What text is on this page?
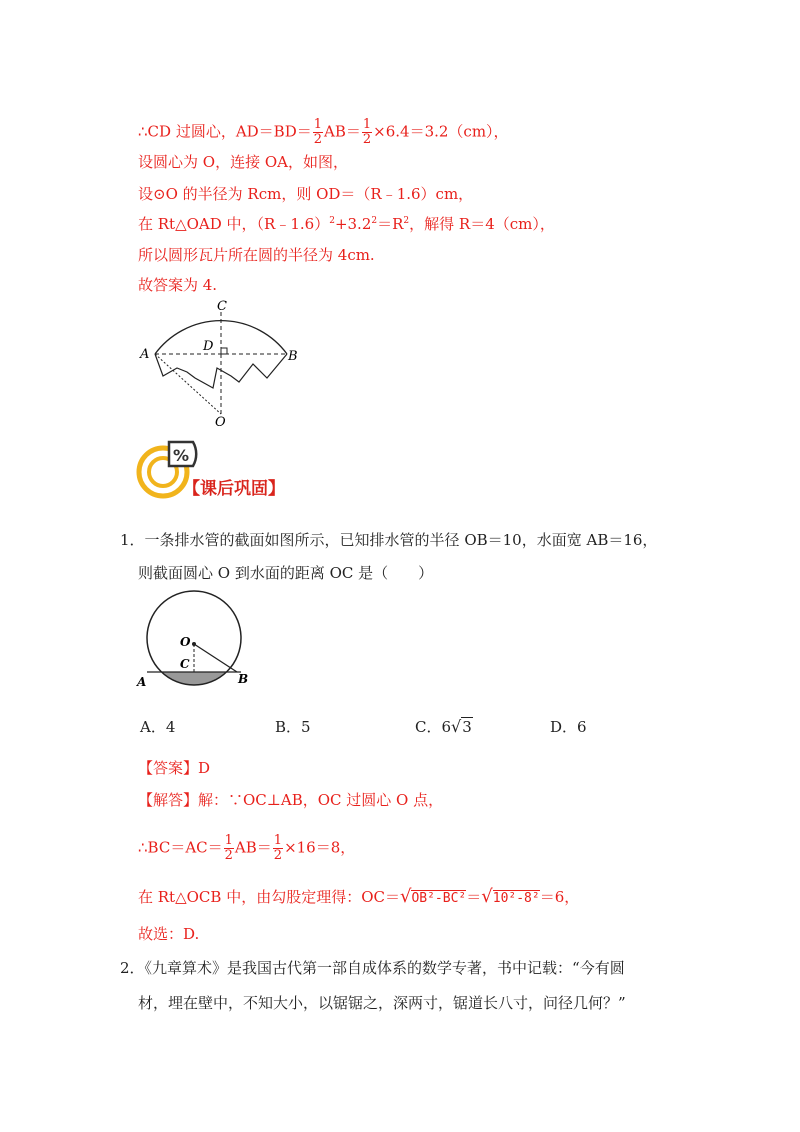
∴CD 过圆心，$AD=BD= \frac{1}{2} AB= \frac{1}{2} \times 6.4=3.2(cm)$，
设圆心为 O，连接 OA，如图，
设⊙O 的半径为 Rcm，则 OD＝（R﹣1.6）cm，
在 Rt△OAD 中，$(R﹣1.6)^2+3.2^2=R^2$，解得 R＝4（cm），
所以圆形瓦片所在圆的半径为 4cm.
故答案为 4.
C
D
A	B
O
%
【课后巩固】
1．一条排水管的截面如图所示，已知排水管的半径 OB＝10，水面宽 AB＝16，
则截面圆心 O 到水面的距离 OC 是（　　）
O
C
A	B
A．4	B．5	C．6√3	D．6
【答案】D
【解答】解：∵OC⊥AB，OC 过圆心 O 点，
∴BC＝AC＝ $\frac{1}{2} AB= \frac{1}{2} \times 16=8$，
在 Rt△OCB 中，由勾股定理得：OC＝√OB²-BC²＝√10²-8²＝6，
故选：D.
2．《九章算术》是我国古代第一部自成体系的数学专著，书中记载：“今有圆
材，埋在壁中，不知大小，以锯锯之，深两寸，锯道长八寸，问径几何？”
